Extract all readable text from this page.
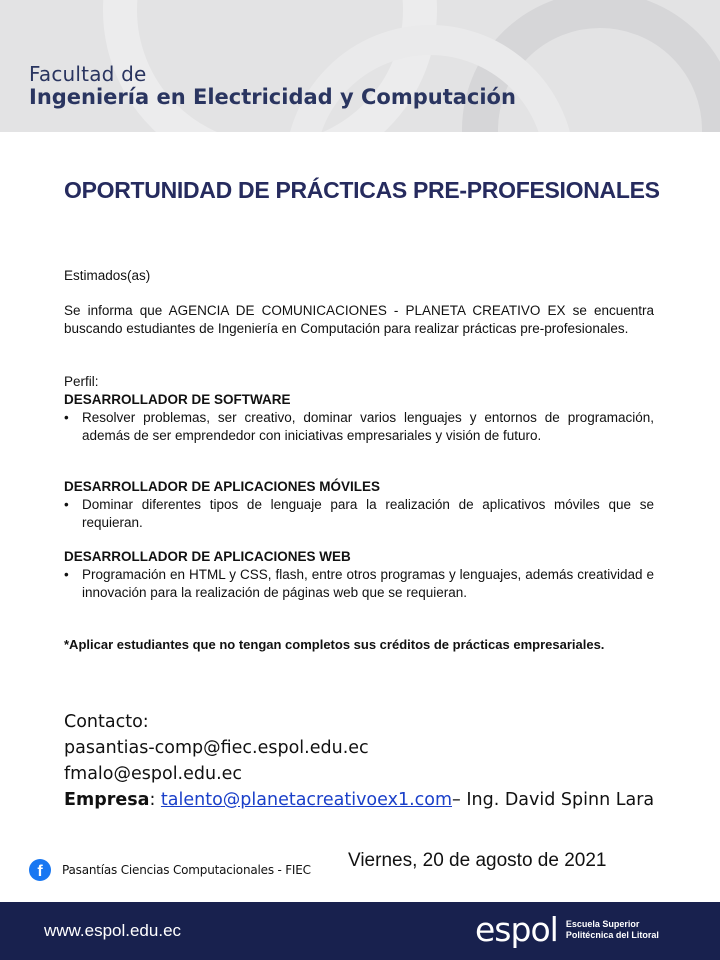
Facultad de
Ingeniería en Electricidad y Computación
OPORTUNIDAD DE PRÁCTICAS PRE-PROFESIONALES
Estimados(as)
Se informa que AGENCIA DE COMUNICACIONES - PLANETA CREATIVO EX se encuentra buscando estudiantes de Ingeniería en Computación para realizar prácticas pre-profesionales.
Perfil:
DESARROLLADOR DE SOFTWARE
• Resolver problemas, ser creativo, dominar varios lenguajes y entornos de programación, además de ser emprendedor con iniciativas empresariales y visión de futuro.
DESARROLLADOR DE APLICACIONES MÓVILES
• Dominar diferentes tipos de lenguaje para la realización de aplicativos móviles que se requieran.
DESARROLLADOR DE APLICACIONES WEB
• Programación en HTML y CSS, flash, entre otros programas y lenguajes, además creatividad e innovación para la realización de páginas web que se requieran.
*Aplicar estudiantes que no tengan completos sus créditos de prácticas empresariales.
Contacto:
pasantias-comp@fiec.espol.edu.ec
fmalo@espol.edu.ec
Empresa: talento@planetacreativoex1.com– Ing. David Spinn Lara
f	Pasantías Ciencias Computacionales - FIEC Viernes, 20 de agosto de 2021
www.espol.edu.ec	espol Escuela Superior
Politécnica del Litoral
